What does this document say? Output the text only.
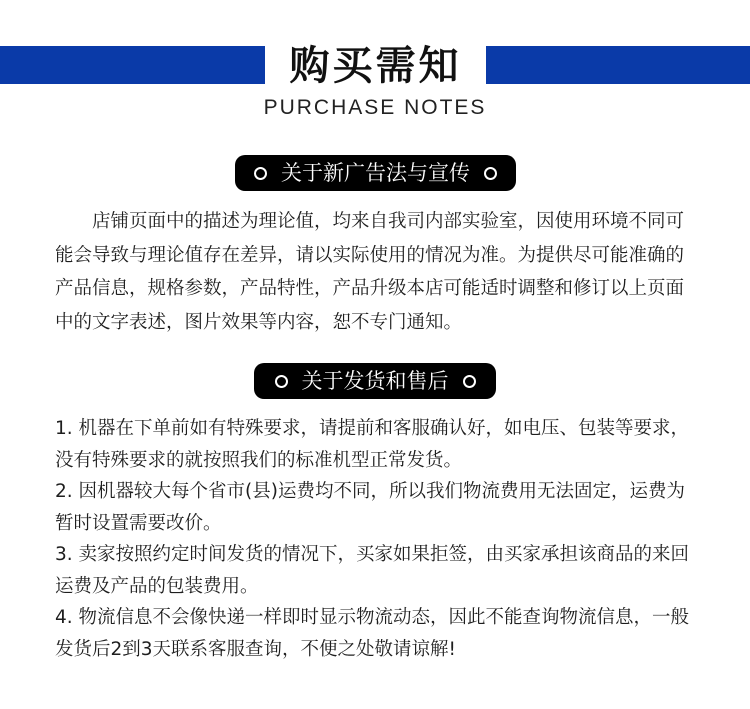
购买需知
PURCHASE NOTES
关于新广告法与宣传

店铺页面中的描述为理论值，均来自我司内部实验室，因使用环境不同可能会导致与理论值存在差异，请以实际使用的情况为准。为提供尽可能准确的产品信息，规格参数，产品特性，产品升级本店可能适时调整和修订以上页面中的文字表述，图片效果等内容，恕不专门通知。

关于发货和售后
1. 机器在下单前如有特殊要求，请提前和客服确认好，如电压、包装等要求，没有特殊要求的就按照我们的标准机型正常发货。
2. 因机器较大每个省市(县)运费均不同，所以我们物流费用无法固定，运费为暂时设置需要改价。
3. 卖家按照约定时间发货的情况下，买家如果拒签，由买家承担该商品的来回运费及产品的包装费用。
4. 物流信息不会像快递一样即时显示物流动态，因此不能查询物流信息，一般发货后2到3天联系客服查询，不便之处敬请谅解!
